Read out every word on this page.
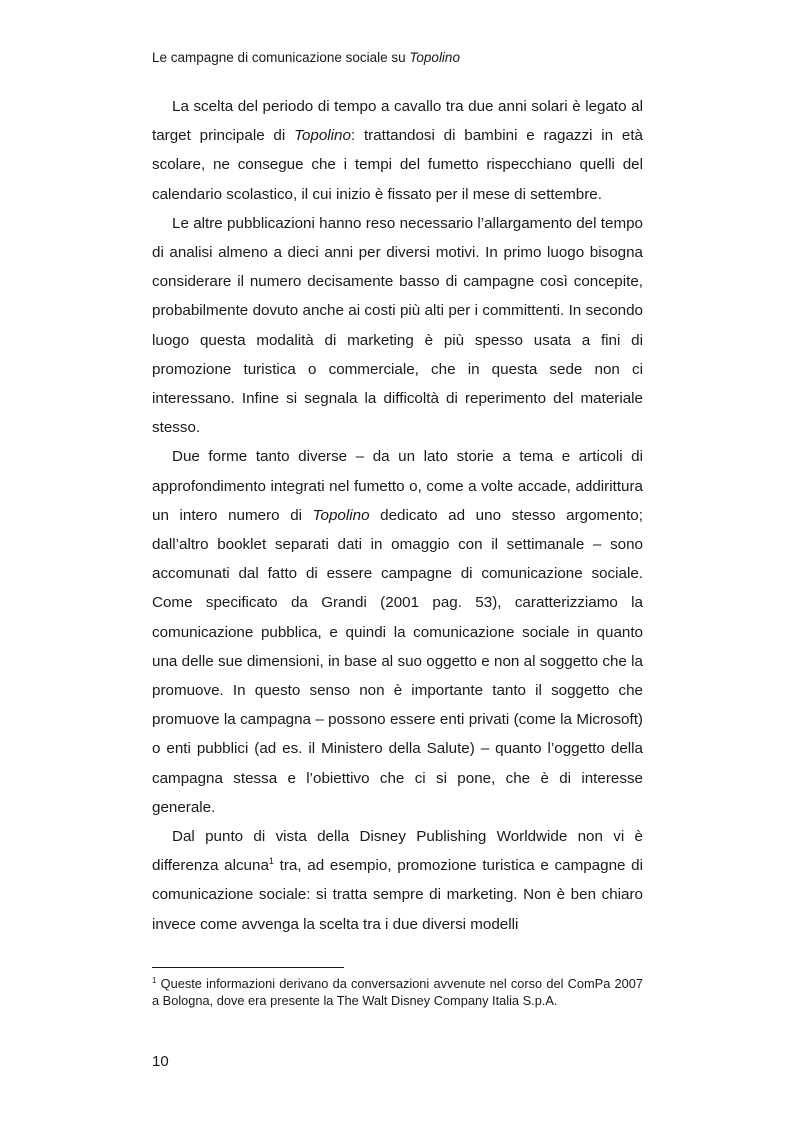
Le campagne di comunicazione sociale su Topolino

La scelta del periodo di tempo a cavallo tra due anni solari è legato al target principale di Topolino: trattandosi di bambini e ragazzi in età scolare, ne consegue che i tempi del fumetto rispecchiano quelli del calendario scolastico, il cui inizio è fissato per il mese di settembre.

Le altre pubblicazioni hanno reso necessario l’allargamento del tempo di analisi almeno a dieci anni per diversi motivi. In primo luogo bisogna considerare il numero decisamente basso di campagne così concepite, probabilmente dovuto anche ai costi più alti per i committenti. In secondo luogo questa modalità di marketing è più spesso usata a fini di promozione turistica o commerciale, che in questa sede non ci interessano. Infine si segnala la difficoltà di reperimento del materiale stesso.

Due forme tanto diverse – da un lato storie a tema e articoli di approfondimento integrati nel fumetto o, come a volte accade, addirittura un intero numero di Topolino dedicato ad uno stesso argomento; dall’altro booklet separati dati in omaggio con il settimanale – sono accomunati dal fatto di essere campagne di comunicazione sociale. Come specificato da Grandi (2001 pag. 53), caratterizziamo la comunicazione pubblica, e quindi la comunicazione sociale in quanto una delle sue dimensioni, in base al suo oggetto e non al soggetto che la promuove. In questo senso non è importante tanto il soggetto che promuove la campagna – possono essere enti privati (come la Microsoft) o enti pubblici (ad es. il Ministero della Salute) – quanto l’oggetto della campagna stessa e l’obiettivo che ci si pone, che è di interesse generale.

Dal punto di vista della Disney Publishing Worldwide non vi è differenza alcuna$^1$ tra, ad esempio, promozione turistica e campagne di comunicazione sociale: si tratta sempre di marketing. Non è ben chiaro invece come avvenga la scelta tra i due diversi modelli

$^1$ Queste informazioni derivano da conversazioni avvenute nel corso del ComPa 2007 a Bologna, dove era presente la The Walt Disney Company Italia S.p.A.

10
